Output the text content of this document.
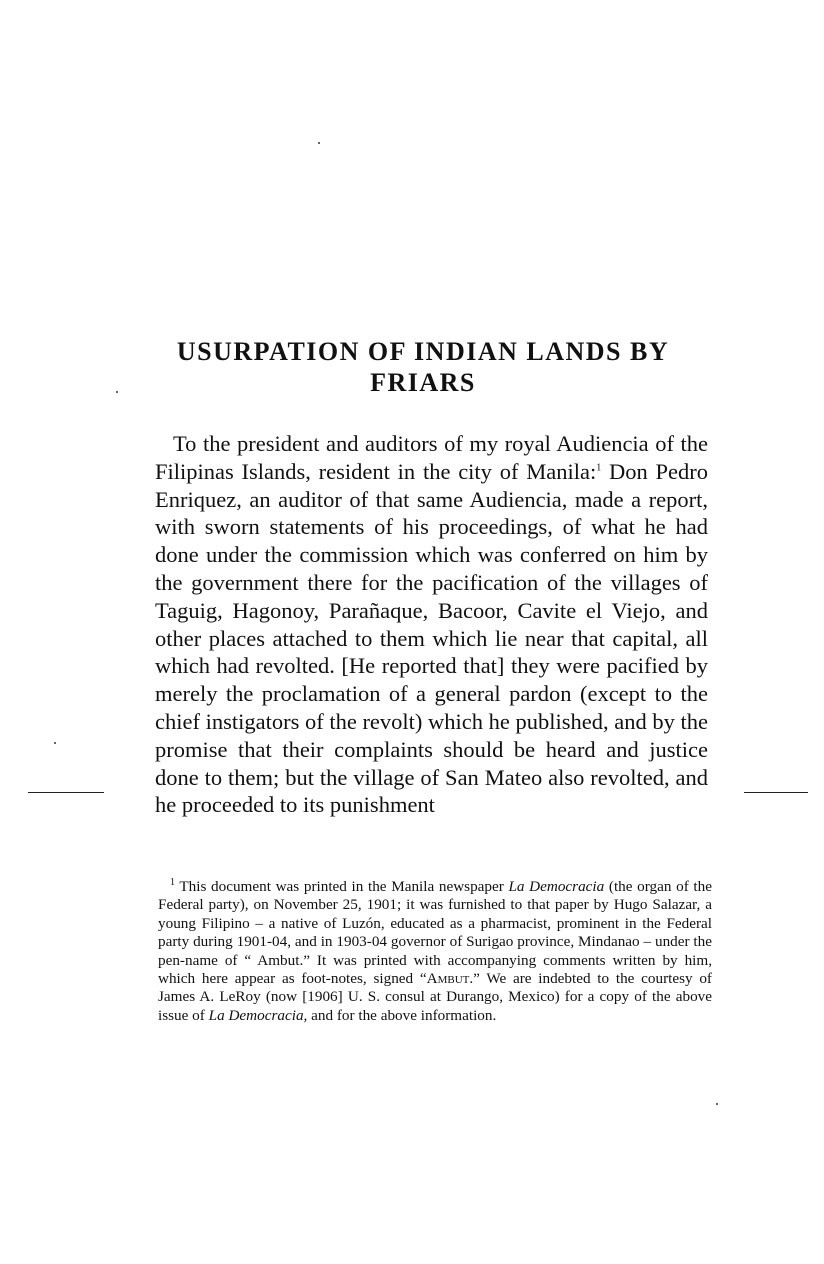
USURPATION OF INDIAN LANDS BY
FRIARS

To the president and auditors of my royal Audiencia of the Filipinas Islands, resident in the city of Manila:$^1$ Don Pedro Enriquez, an auditor of that same Audiencia, made a report, with sworn statements of his proceedings, of what he had done under the commission which was conferred on him by the government there for the pacification of the villages of Taguig, Hagonoy, Parañaque, Bacoor, Cavite el Viejo, and other places attached to them which lie near that capital, all which had revolted. [He reported that] they were pacified by merely the proclamation of a general pardon (except to the chief instigators of the revolt) which he published, and by the promise that their complaints should be heard and justice done to them; but the village of San Mateo also revolted, and he proceeded to its punishment

$^1$ This document was printed in the Manila newspaper La Democracia (the organ of the Federal party), on November 25, 1901; it was furnished to that paper by Hugo Salazar, a young Filipino – a native of Luzón, educated as a pharmacist, prominent in the Federal party during 1901-04, and in 1903-04 governor of Surigao province, Mindanao – under the pen-name of “ Ambut.” It was printed with accompanying comments written by him, which here appear as foot-notes, signed “Ambut.” We are indebted to the courtesy of James A. LeRoy (now [1906] U. S. consul at Durango, Mexico) for a copy of the above issue of La Democracia, and for the above information.
